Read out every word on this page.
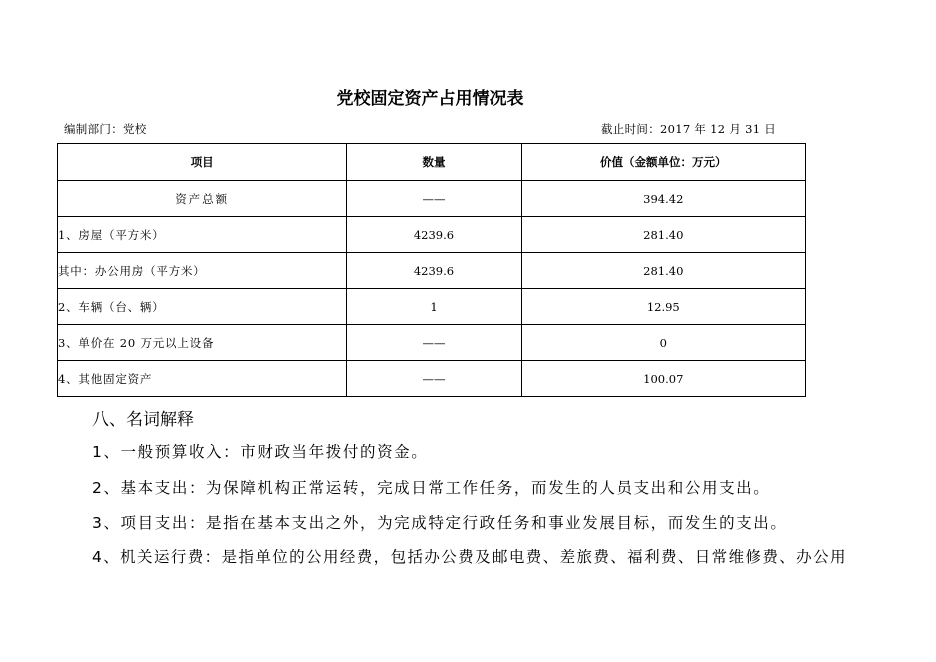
党校固定资产占用情况表
编制部门：党校	截止时间：2017 年 12 月 31 日
项目	数量	价值（金额单位：万元）
资产总额	——	394.42
1、房屋（平方米）	4239.6	281.40
其中：办公用房（平方米）	4239.6	281.40
2、车辆（台、辆）	1	12.95
3、单价在 20 万元以上设备	——	0
4、其他固定资产	——	100.07
八、名词解释
1、一般预算收入：市财政当年拨付的资金。
2、基本支出：为保障机构正常运转，完成日常工作任务，而发生的人员支出和公用支出。
3、项目支出：是指在基本支出之外，为完成特定行政任务和事业发展目标，而发生的支出。
4、机关运行费：是指单位的公用经费，包括办公费及邮电费、差旅费、福利费、日常维修费、办公用
